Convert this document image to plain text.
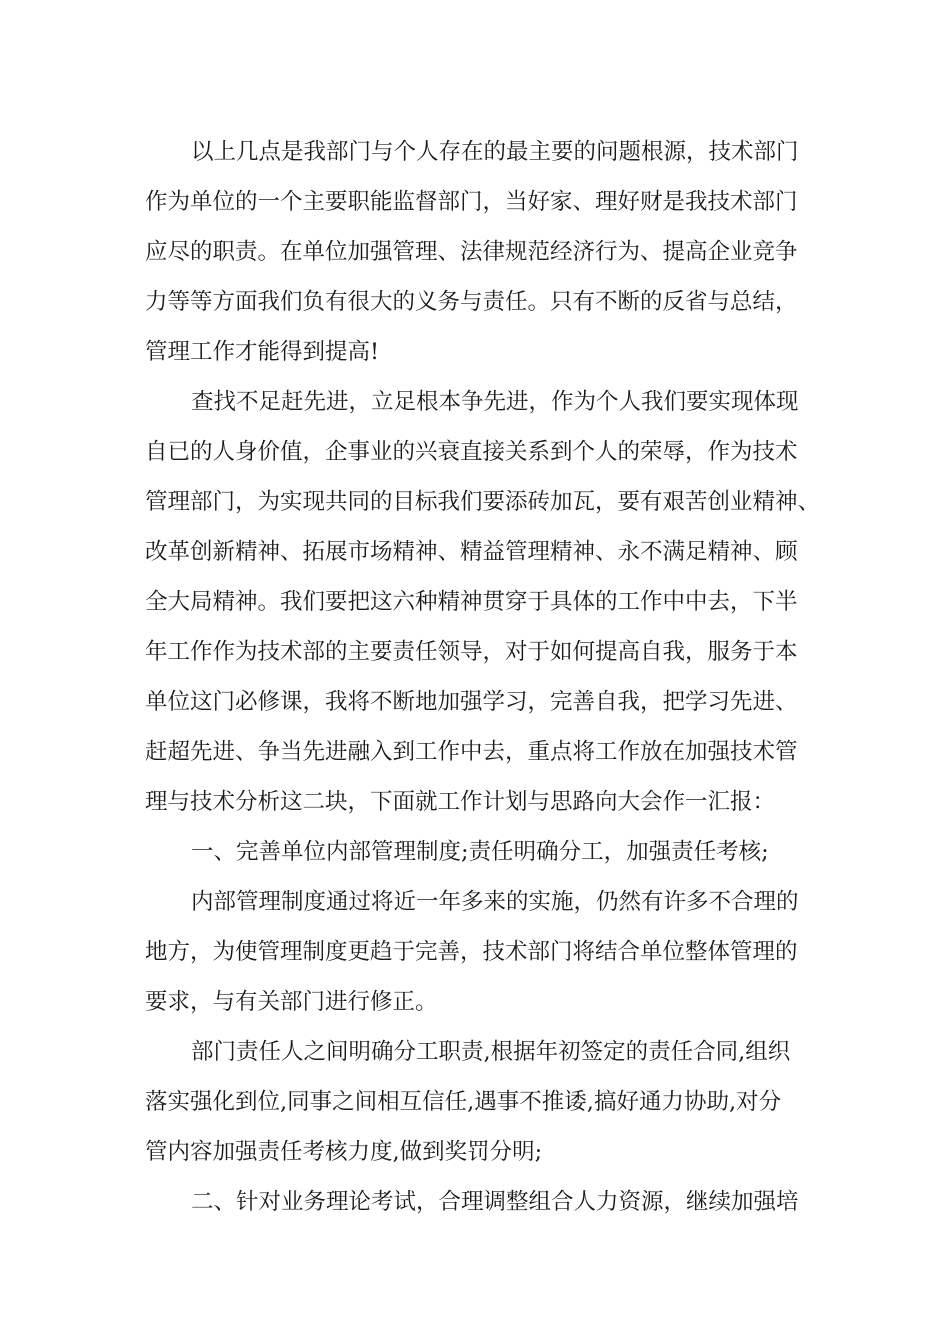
以上几点是我部门与个人存在的最主要的问题根源，技术部门

作为单位的一个主要职能监督部门，当好家、理好财是我技术部门

应尽的职责。在单位加强管理、法律规范经济行为、提高企业竞争

力等等方面我们负有很大的义务与责任。只有不断的反省与总结，

管理工作才能得到提高!

查找不足赶先进，立足根本争先进，作为个人我们要实现体现

自已的人身价值，企事业的兴衰直接关系到个人的荣辱，作为技术

管理部门，为实现共同的目标我们要添砖加瓦，要有艰苦创业精神、

改革创新精神、拓展市场精神、精益管理精神、永不满足精神、顾

全大局精神。我们要把这六种精神贯穿于具体的工作中中去，下半

年工作作为技术部的主要责任领导，对于如何提高自我，服务于本

单位这门必修课，我将不断地加强学习，完善自我，把学习先进、

赶超先进、争当先进融入到工作中去，重点将工作放在加强技术管

理与技术分析这二块，下面就工作计划与思路向大会作一汇报：

一、完善单位内部管理制度;责任明确分工，加强责任考核;

内部管理制度通过将近一年多来的实施，仍然有许多不合理的

地方，为使管理制度更趋于完善，技术部门将结合单位整体管理的

要求，与有关部门进行修正。

部门责任人之间明确分工职责,根据年初签定的责任合同,组织

落实强化到位,同事之间相互信任,遇事不推诿,搞好通力协助,对分

管内容加强责任考核力度,做到奖罚分明;

二、针对业务理论考试，合理调整组合人力资源，继续加强培
